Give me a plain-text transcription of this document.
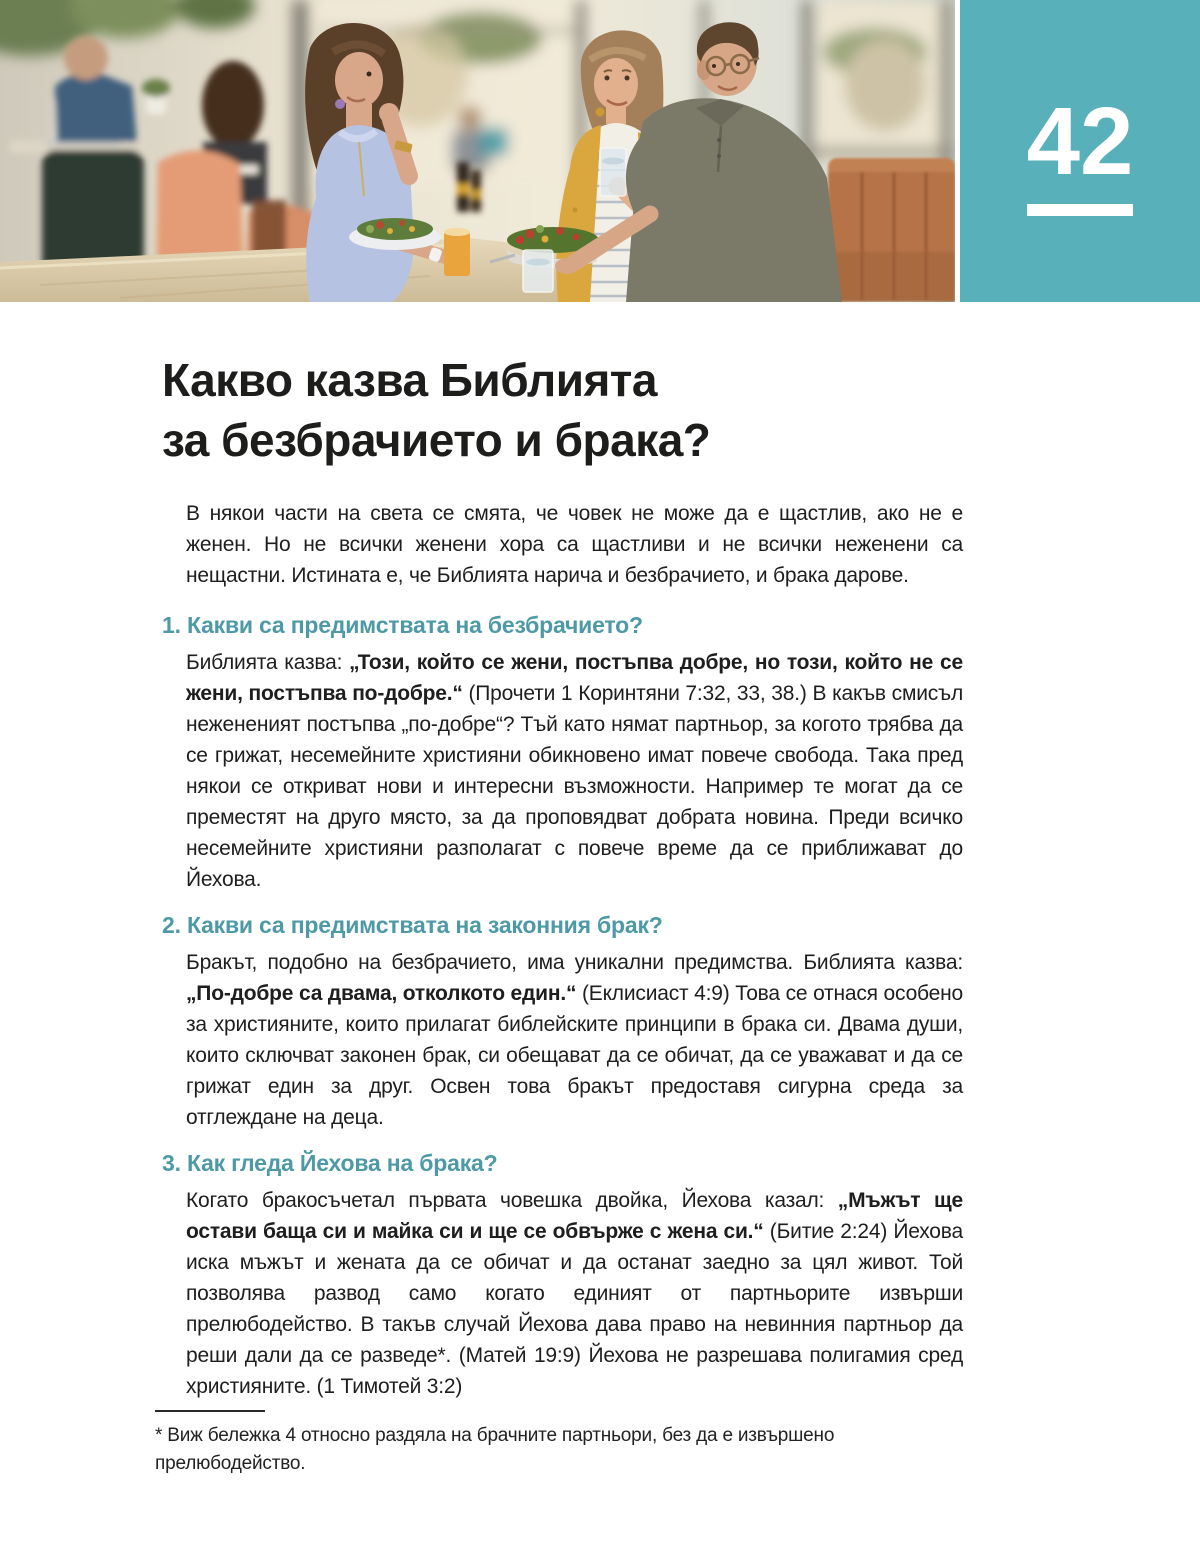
42
Какво казва Библията
за безбрачието и брака?

В някои части на света се смята, че човек не може да е щастлив, ако не е женен. Но не всички женени хора са щастливи и не всички неженени са нещастни. Истината е, че Библията нарича и безбрачието, и брака дарове.

1. Какви са предимствата на безбрачието?

Библията казва: „Този, който се жени, постъпва добре, но този, който не се жени, постъпва по-добре.“ (Прочети 1 Коринтяни 7:32, 33, 38.) В какъв смисъл нежененият постъпва „по-добре“? Тъй като нямат партньор, за когото трябва да се грижат, несемейните християни обикновено имат повече свобода. Така пред някои се откриват нови и интересни възможности. Например те могат да се преместят на друго място, за да проповядват добрата новина. Преди всичко несемейните християни разполагат с повече време да се приближават до Йехова.

2. Какви са предимствата на законния брак?

Бракът, подобно на безбрачието, има уникални предимства. Библията казва: „По-добре са двама, отколкото един.“ (Еклисиаст 4:9) Това се отнася особено за християните, които прилагат библейските принципи в брака си. Двама души, които сключват законен брак, си обещават да се обичат, да се уважават и да се грижат един за друг. Освен това бракът предоставя сигурна среда за отглеждане на деца.

3. Как гледа Йехова на брака?

Когато бракосъчетал първата човешка двойка, Йехова казал: „Мъжът ще остави баща си и майка си и ще се обвърже с жена си.“ (Битие 2:24) Йехова иска мъжът и жената да се обичат и да останат заедно за цял живот. Той позволява развод само когато единият от партньорите извърши прелюбодейство. В такъв случай Йехова дава право на невинния партньор да реши дали да се разведе*. (Матей 19:9) Йехова не разрешава полигамия сред християните. (1 Тимотей 3:2)

* Виж бележка 4 относно раздяла на брачните партньори, без да е извършено прелюбодейство.
